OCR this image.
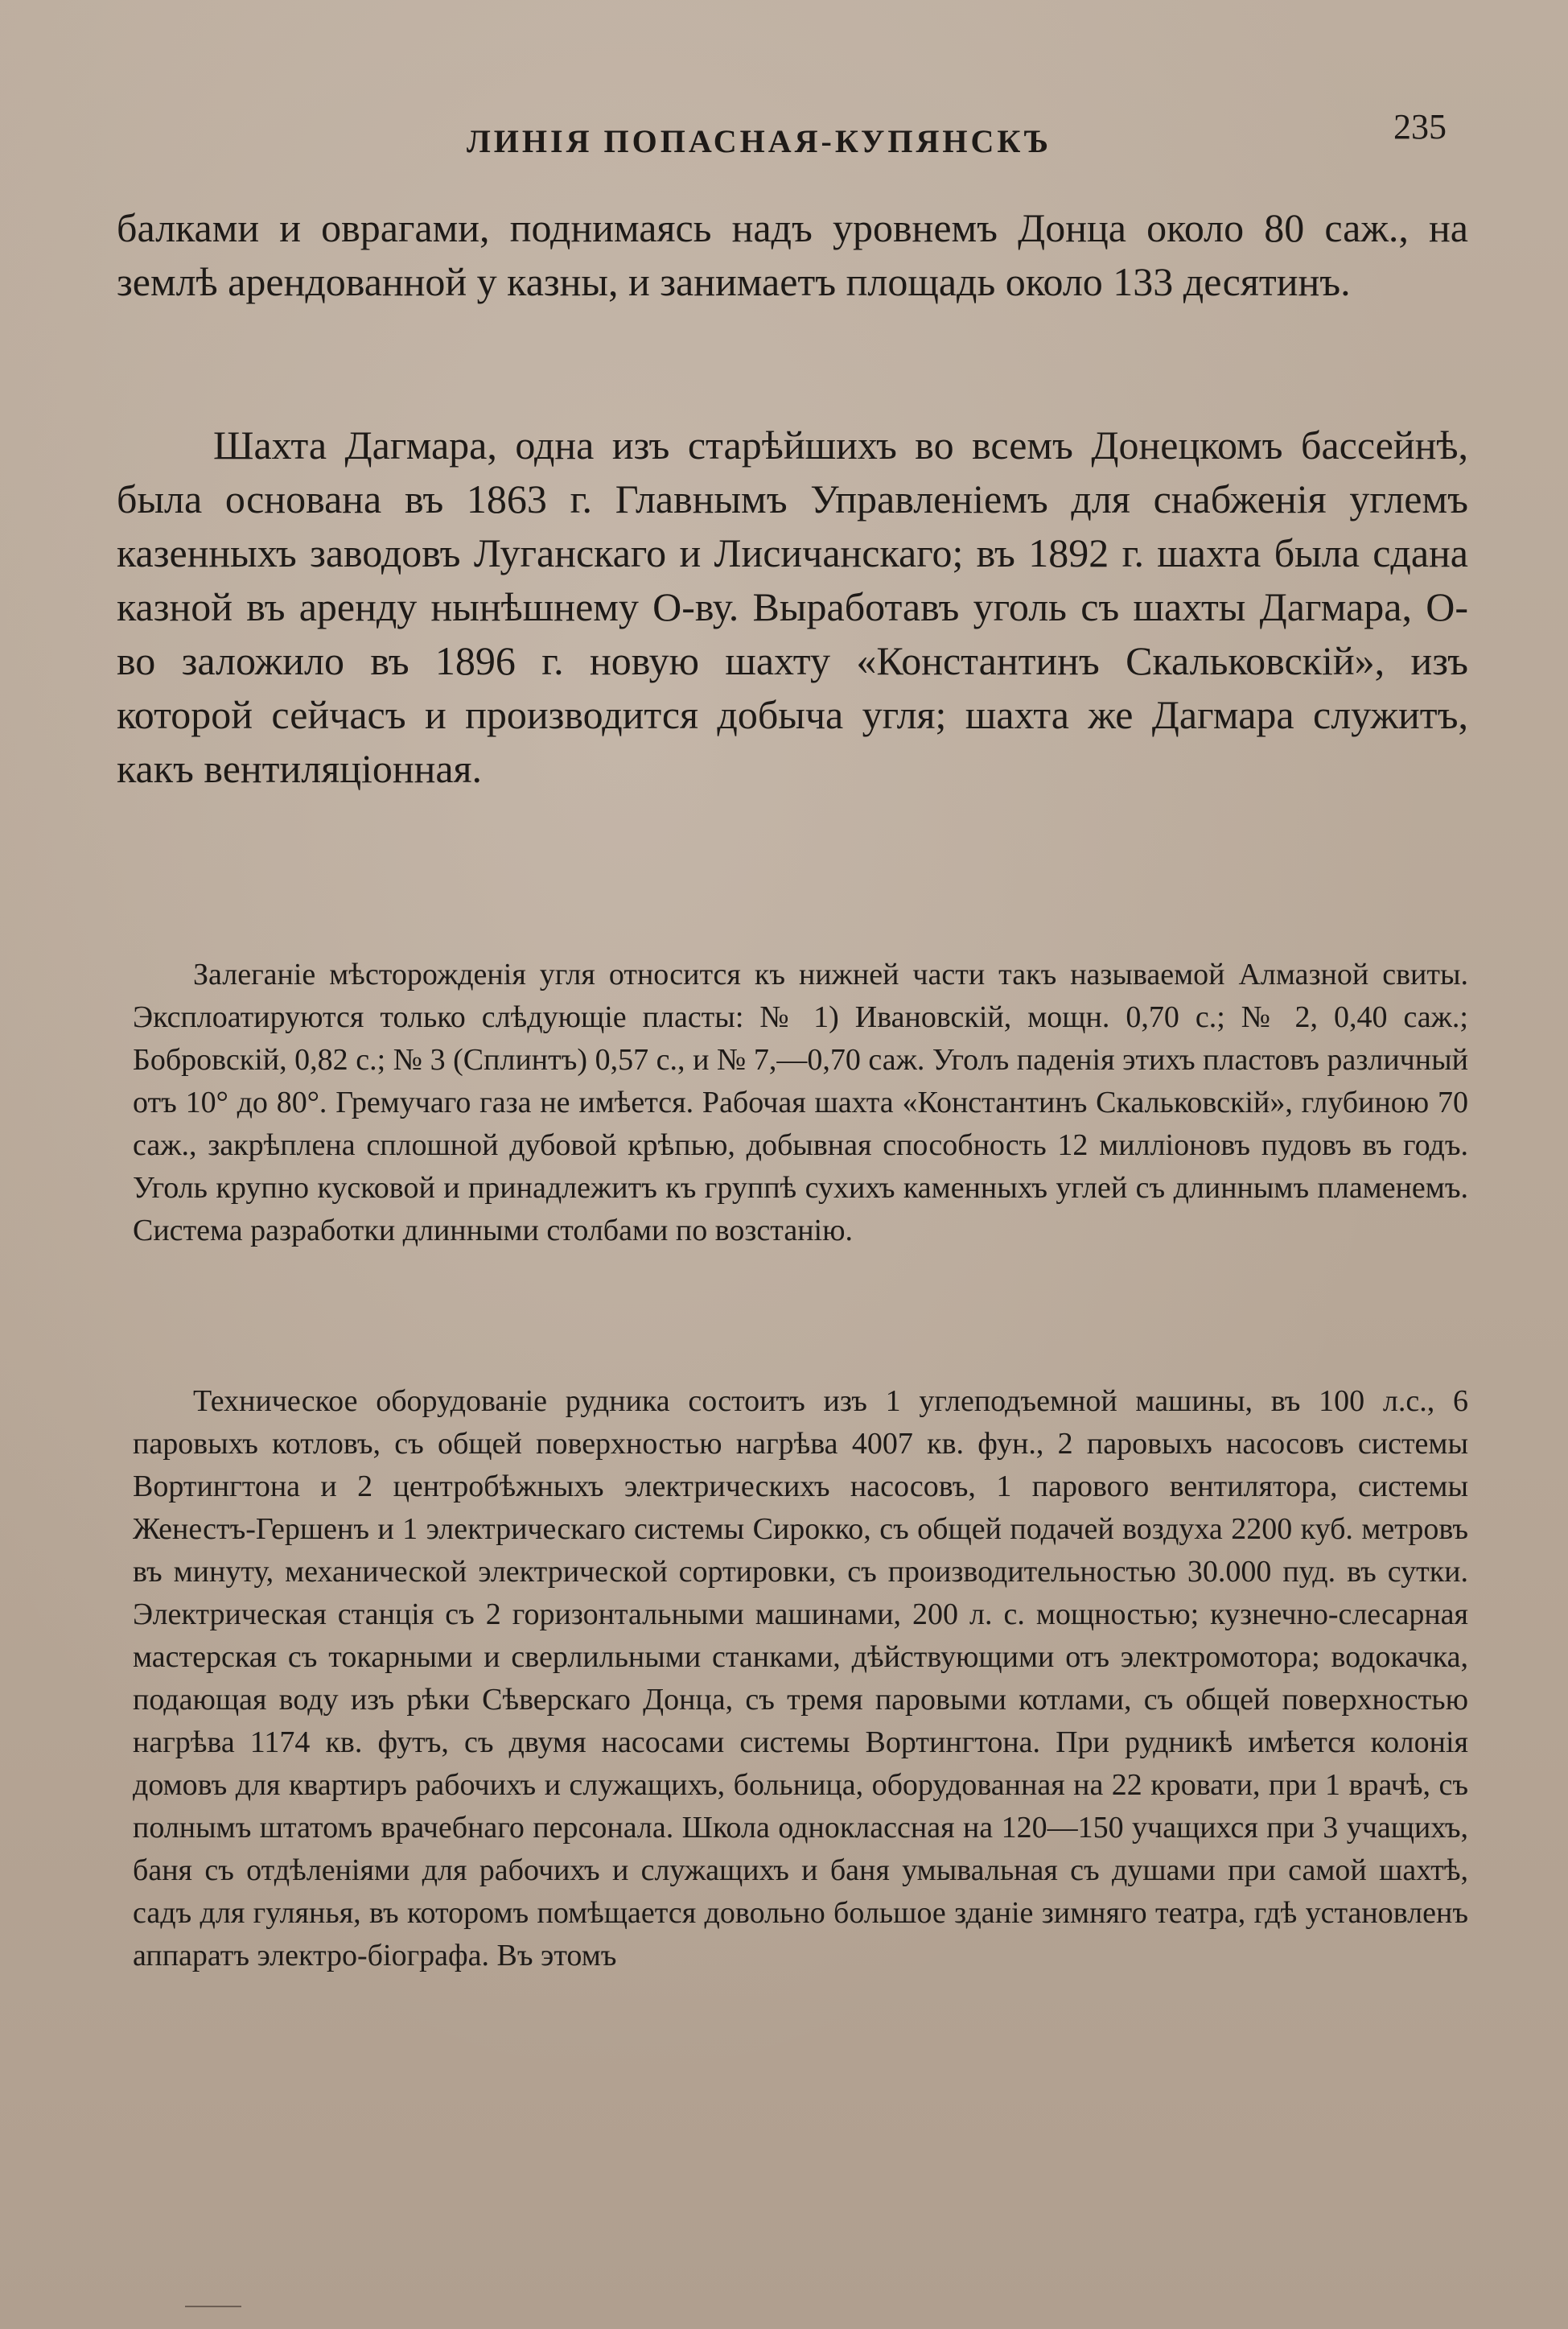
ЛИНІЯ ПОПАСНАЯ-КУПЯНСКЪ	235

балками и оврагами, поднимаясь надъ уровнемъ Донца около 80 саж., на землѣ арендованной у казны, и занимаетъ площадь около 133 десятинъ.

Шахта Дагмара, одна изъ старѣйшихъ во всемъ Донецкомъ бассейнѣ, была основана въ 1863 г. Главнымъ Управленіемъ для снабженія углемъ казенныхъ заводовъ Луганскаго и Лисичанскаго; въ 1892 г. шахта была сдана казной въ аренду нынѣшнему О-ву. Выработавъ уголь съ шахты Дагмара, О-во заложило въ 1896 г. новую шахту «Константинъ Скальковскій», изъ которой сейчасъ и производится добыча угля; шахта же Дагмара служитъ, какъ вентиляціонная.

Залеганіе мѣсторожденія угля относится къ нижней части такъ называемой Алмазной свиты. Эксплоатируются только слѣдующіе пласты: № 1) Ивановскій, мощн. 0,70 с.; № 2, 0,40 саж.; Бобровскій, 0,82 с.; № 3 (Сплинтъ) 0,57 с., и № 7,—0,70 саж. Уголъ паденія этихъ пластовъ различный отъ 10° до 80°. Гремучаго газа не имѣется. Рабочая шахта «Константинъ Скальковскій», глубиною 70 саж., закрѣплена сплошной дубовой крѣпью, добывная способность 12 милліоновъ пудовъ въ годъ. Уголь крупно кусковой и принадлежитъ къ группѣ сухихъ каменныхъ углей съ длиннымъ пламенемъ. Система разработки длинными столбами по возстанію.

Техническое оборудованіе рудника состоитъ изъ 1 углеподъемной машины, въ 100 л.с., 6 паровыхъ котловъ, съ общей поверхностью нагрѣва 4007 кв. фун., 2 паровыхъ насосовъ системы Вортингтона и 2 центробѣжныхъ электрическихъ насосовъ, 1 парового вентилятора, системы Женестъ-Гершенъ и 1 электрическаго системы Сирокко, съ общей подачей воздуха 2200 куб. метровъ въ минуту, механической электрической сортировки, съ производительностью 30.000 пуд. въ сутки. Электрическая станція съ 2 горизонтальными машинами, 200 л. с. мощностью; кузнечно-слесарная мастерская съ токарными и сверлильными станками, дѣйствующими отъ электромотора; водокачка, подающая воду изъ рѣки Сѣверскаго Донца, съ тремя паровыми котлами, съ общей поверхностью нагрѣва 1174 кв. футъ, съ двумя насосами системы Вортингтона. При рудникѣ имѣется колонія домовъ для квартиръ рабочихъ и служащихъ, больница, оборудованная на 22 кровати, при 1 врачѣ, съ полнымъ штатомъ врачебнаго персонала. Школа одноклассная на 120—150 учащихся при 3 учащихъ, баня съ отдѣленіями для рабочихъ и служащихъ и баня умывальная съ душами при самой шахтѣ, садъ для гулянья, въ которомъ помѣщается довольно большое зданіе зимняго театра, гдѣ установленъ аппаратъ электро-біографа. Въ этомъ
